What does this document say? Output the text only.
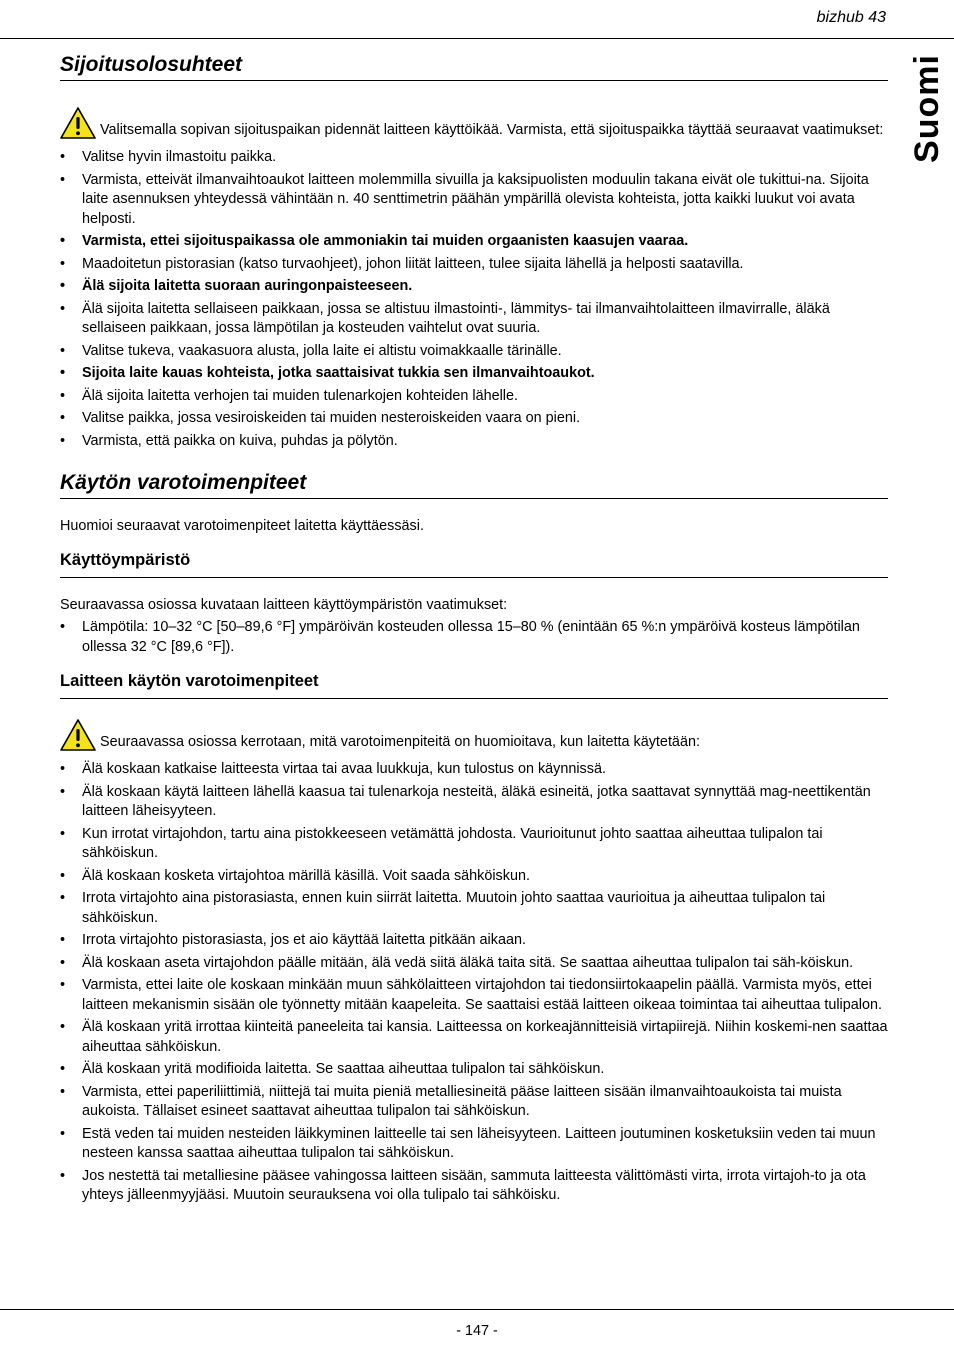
bizhub 43
Suomi
Sijoitusolosuhteet
Valitsemalla sopivan sijoituspaikan pidennät laitteen käyttöikää. Varmista, että sijoituspaikka täyttää seuraavat vaatimukset:
• Valitse hyvin ilmastoitu paikka.
• Varmista, etteivät ilmanvaihtoaukot laitteen molemmilla sivuilla ja kaksipuolisten moduulin takana eivät ole tukittui-na. Sijoita laite asennuksen yhteydessä vähintään n. 40 senttimetrin päähän ympärillä olevista kohteista, jotta kaikki luukut voi avata helposti.
• Varmista, ettei sijoituspaikassa ole ammoniakin tai muiden orgaanisten kaasujen vaaraa.
• Maadoitetun pistorasian (katso turvaohjeet), johon liität laitteen, tulee sijaita lähellä ja helposti saatavilla.
• Älä sijoita laitetta suoraan auringonpaisteeseen.
• Älä sijoita laitetta sellaiseen paikkaan, jossa se altistuu ilmastointi-, lämmitys- tai ilmanvaihtolaitteen ilmavirralle, äläkä sellaiseen paikkaan, jossa lämpötilan ja kosteuden vaihtelut ovat suuria.
• Valitse tukeva, vaakasuora alusta, jolla laite ei altistu voimakkaalle tärinälle.
• Sijoita laite kauas kohteista, jotka saattaisivat tukkia sen ilmanvaihtoaukot.
• Älä sijoita laitetta verhojen tai muiden tulenarkojen kohteiden lähelle.
• Valitse paikka, jossa vesiroiskeiden tai muiden nesteroiskeiden vaara on pieni.
• Varmista, että paikka on kuiva, puhdas ja pölytön.
Käytön varotoimenpiteet

Huomioi seuraavat varotoimenpiteet laitetta käyttäessäsi.

Käyttöympäristö

Seuraavassa osiossa kuvataan laitteen käyttöympäristön vaatimukset:

• Lämpötila: 10–32 °C [50–89,6 °F] ympäröivän kosteuden ollessa 15–80 % (enintään 65 %:n ympäröivä kosteus lämpötilan ollessa 32 °C [89,6 °F]).
Laitteen käytön varotoimenpiteet
Seuraavassa osiossa kerrotaan, mitä varotoimenpiteitä on huomioitava, kun laitetta käytetään:
• Älä koskaan katkaise laitteesta virtaa tai avaa luukkuja, kun tulostus on käynnissä.
• Älä koskaan käytä laitteen lähellä kaasua tai tulenarkoja nesteitä, äläkä esineitä, jotka saattavat synnyttää mag-neettikentän laitteen läheisyyteen.
• Kun irrotat virtajohdon, tartu aina pistokkeeseen vetämättä johdosta. Vaurioitunut johto saattaa aiheuttaa tulipalon tai sähköiskun.
• Älä koskaan kosketa virtajohtoa märillä käsillä. Voit saada sähköiskun.
• Irrota virtajohto aina pistorasiasta, ennen kuin siirrät laitetta. Muutoin johto saattaa vaurioitua ja aiheuttaa tulipalon tai sähköiskun.
• Irrota virtajohto pistorasiasta, jos et aio käyttää laitetta pitkään aikaan.
• Älä koskaan aseta virtajohdon päälle mitään, älä vedä siitä äläkä taita sitä. Se saattaa aiheuttaa tulipalon tai säh-köiskun.
• Varmista, ettei laite ole koskaan minkään muun sähkölaitteen virtajohdon tai tiedonsiirtokaapelin päällä. Varmista myös, ettei laitteen mekanismin sisään ole työnnetty mitään kaapeleita. Se saattaisi estää laitteen oikeaa toimintaa tai aiheuttaa tulipalon.
• Älä koskaan yritä irrottaa kiinteitä paneeleita tai kansia. Laitteessa on korkeajännitteisiä virtapiirejä. Niihin koskemi-nen saattaa aiheuttaa sähköiskun.
• Älä koskaan yritä modifioida laitetta. Se saattaa aiheuttaa tulipalon tai sähköiskun.
• Varmista, ettei paperiliittimiä, niittejä tai muita pieniä metalliesineitä pääse laitteen sisään ilmanvaihtoaukoista tai muista aukoista. Tällaiset esineet saattavat aiheuttaa tulipalon tai sähköiskun.
• Estä veden tai muiden nesteiden läikkyminen laitteelle tai sen läheisyyteen. Laitteen joutuminen kosketuksiin veden tai muun nesteen kanssa saattaa aiheuttaa tulipalon tai sähköiskun.
• Jos nestettä tai metalliesine pääsee vahingossa laitteen sisään, sammuta laitteesta välittömästi virta, irrota virtajoh-to ja ota yhteys jälleenmyyjääsi. Muutoin seurauksena voi olla tulipalo tai sähköisku.
- 147 -
